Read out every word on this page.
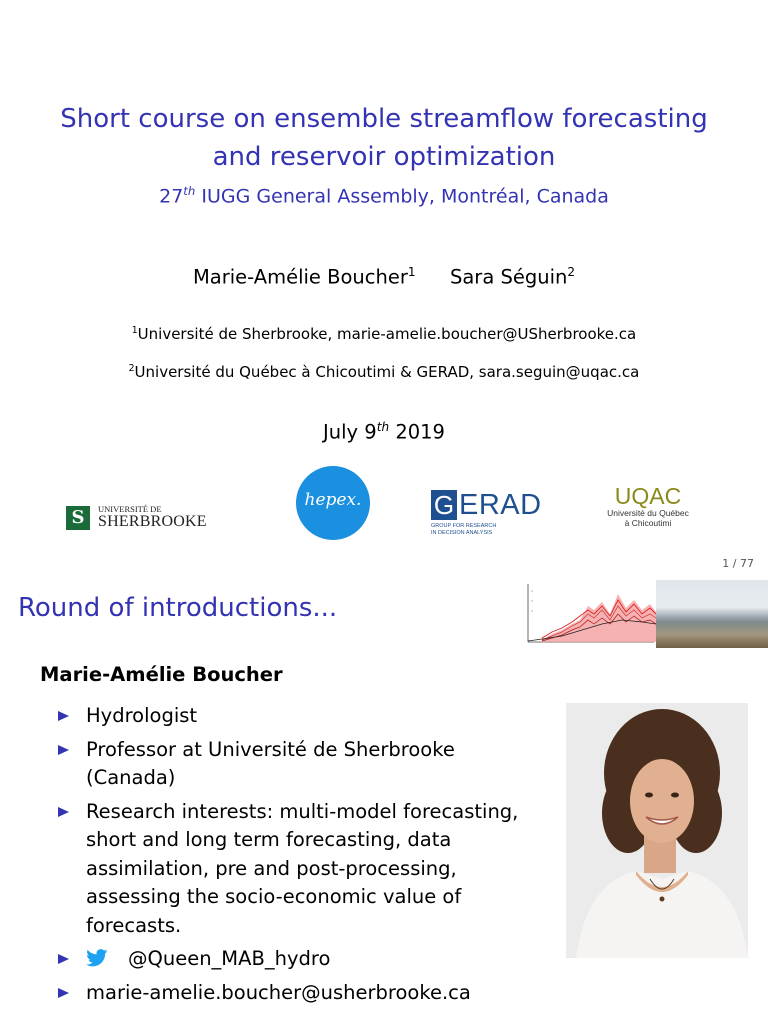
Short course on ensemble streamflow forecasting
and reservoir optimization
27th IUGG General Assembly, Montréal, Canada
Marie-Amélie Boucher$^1$ Sara Séguin$^2$
$^1$Université de Sherbrooke, marie-amelie.boucher@USherbrooke.ca
$^2$Université du Québec à Chicoutimi & GERAD, sara.seguin@uqac.ca
July 9th 2019
S	UNIVERSITÉ DE
SHERBROOKE
hepex.	G ERAD
GROUP FOR RESEARCH
IN DECISION ANALYSIS
UQAC
Université du Québec
à Chicoutimi
1 / 77
Round of introductions...
Marie-Amélie Boucher
Hydrologist
Professor at Université de Sherbrooke (Canada)
Research interests: multi-model forecasting, short and long term forecasting, data assimilation, pre and post-processing, assessing the socio-economic value of forecasts.
@Queen_MAB_hydro
marie-amelie.boucher@usherbrooke.ca
